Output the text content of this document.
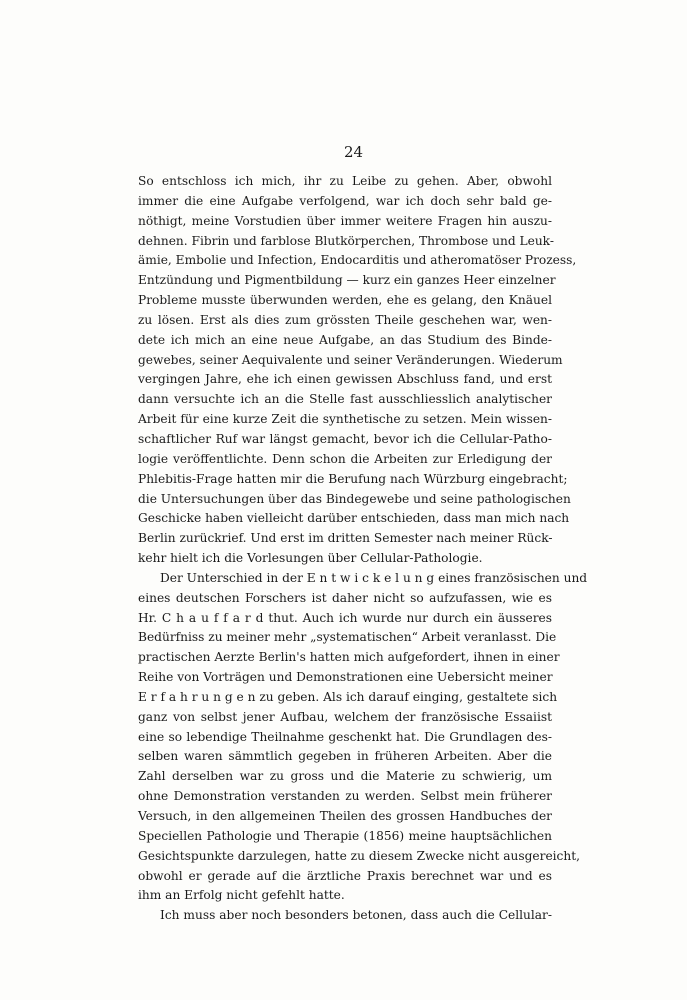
24
So entschloss ich mich, ihr zu Leibe zu gehen. Aber, obwohl
immer die eine Aufgabe verfolgend, war ich doch sehr bald ge-
nöthigt, meine Vorstudien über immer weitere Fragen hin auszu-
dehnen. Fibrin und farblose Blutkörperchen, Thrombose und Leuk-
ämie, Embolie und Infection, Endocarditis und atheromatöser Prozess,
Entzündung und Pigmentbildung — kurz ein ganzes Heer einzelner
Probleme musste überwunden werden, ehe es gelang, den Knäuel
zu lösen. Erst als dies zum grössten Theile geschehen war, wen-
dete ich mich an eine neue Aufgabe, an das Studium des Binde-
gewebes, seiner Aequivalente und seiner Veränderungen. Wiederum
vergingen Jahre, ehe ich einen gewissen Abschluss fand, und erst
dann versuchte ich an die Stelle fast ausschliesslich analytischer
Arbeit für eine kurze Zeit die synthetische zu setzen. Mein wissen-
schaftlicher Ruf war längst gemacht, bevor ich die Cellular-Patho-
logie veröffentlichte. Denn schon die Arbeiten zur Erledigung der
Phlebitis-Frage hatten mir die Berufung nach Würzburg eingebracht;
die Untersuchungen über das Bindegewebe und seine pathologischen
Geschicke haben vielleicht darüber entschieden, dass man mich nach
Berlin zurückrief. Und erst im dritten Semester nach meiner Rück-
kehr hielt ich die Vorlesungen über Cellular-Pathologie.
Der Unterschied in der E n t w i c k e l u n g eines französischen und
eines deutschen Forschers ist daher nicht so aufzufassen, wie es
Hr. C h a u f f a r d thut. Auch ich wurde nur durch ein äusseres
Bedürfniss zu meiner mehr „systematischen“ Arbeit veranlasst. Die
practischen Aerzte Berlin's hatten mich aufgefordert, ihnen in einer
Reihe von Vorträgen und Demonstrationen eine Uebersicht meiner
E r f a h r u n g e n zu geben. Als ich darauf einging, gestaltete sich
ganz von selbst jener Aufbau, welchem der französische Essaiist
eine so lebendige Theilnahme geschenkt hat. Die Grundlagen des-
selben waren sämmtlich gegeben in früheren Arbeiten. Aber die
Zahl derselben war zu gross und die Materie zu schwierig, um
ohne Demonstration verstanden zu werden. Selbst mein früherer
Versuch, in den allgemeinen Theilen des grossen Handbuches der
Speciellen Pathologie und Therapie (1856) meine hauptsächlichen
Gesichtspunkte darzulegen, hatte zu diesem Zwecke nicht ausgereicht,
obwohl er gerade auf die ärztliche Praxis berechnet war und es
ihm an Erfolg nicht gefehlt hatte.
Ich muss aber noch besonders betonen, dass auch die Cellular-
